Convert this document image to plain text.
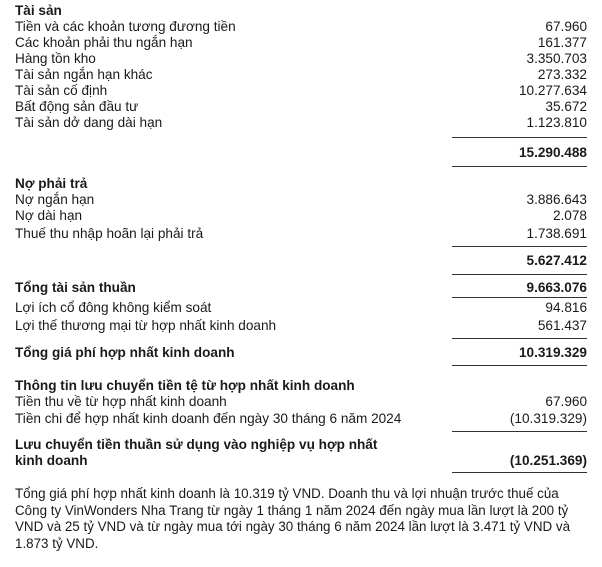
Tài sản
Tiền và các khoản tương đương tiền	67.960
Các khoản phải thu ngắn hạn	161.377
Hàng tồn kho	3.350.703
Tài sản ngắn hạn khác	273.332
Tài sản cố định	10.277.634
Bất động sản đầu tư	35.672
Tài sản dở dang dài hạn	1.123.810
15.290.488
Nợ phải trả
Nợ ngắn hạn	3.886.643
Nợ dài hạn	2.078
Thuế thu nhập hoãn lại phải trả	1.738.691
5.627.412
Tổng tài sản thuần	9.663.076
Lợi ích cổ đông không kiểm soát	94.816
Lợi thế thương mại từ hợp nhất kinh doanh	561.437
Tổng giá phí hợp nhất kinh doanh	10.319.329
Thông tin lưu chuyển tiền tệ từ hợp nhất kinh doanh
Tiền thu về từ hợp nhất kinh doanh	67.960
Tiền chi để hợp nhất kinh doanh đến ngày 30 tháng 6 năm 2024	(10.319.329)
Lưu chuyển tiền thuần sử dụng vào nghiệp vụ hợp nhất
kinh doanh	(10.251.369)
Tổng giá phí hợp nhất kinh doanh là 10.319 tỷ VND. Doanh thu và lợi nhuận trước thuế của Công ty VinWonders Nha Trang từ ngày 1 tháng 1 năm 2024 đến ngày mua lần lượt là 200 tỷ VND và 25 tỷ VND và từ ngày mua tới ngày 30 tháng 6 năm 2024 lần lượt là 3.471 tỷ VND và 1.873 tỷ VND.
